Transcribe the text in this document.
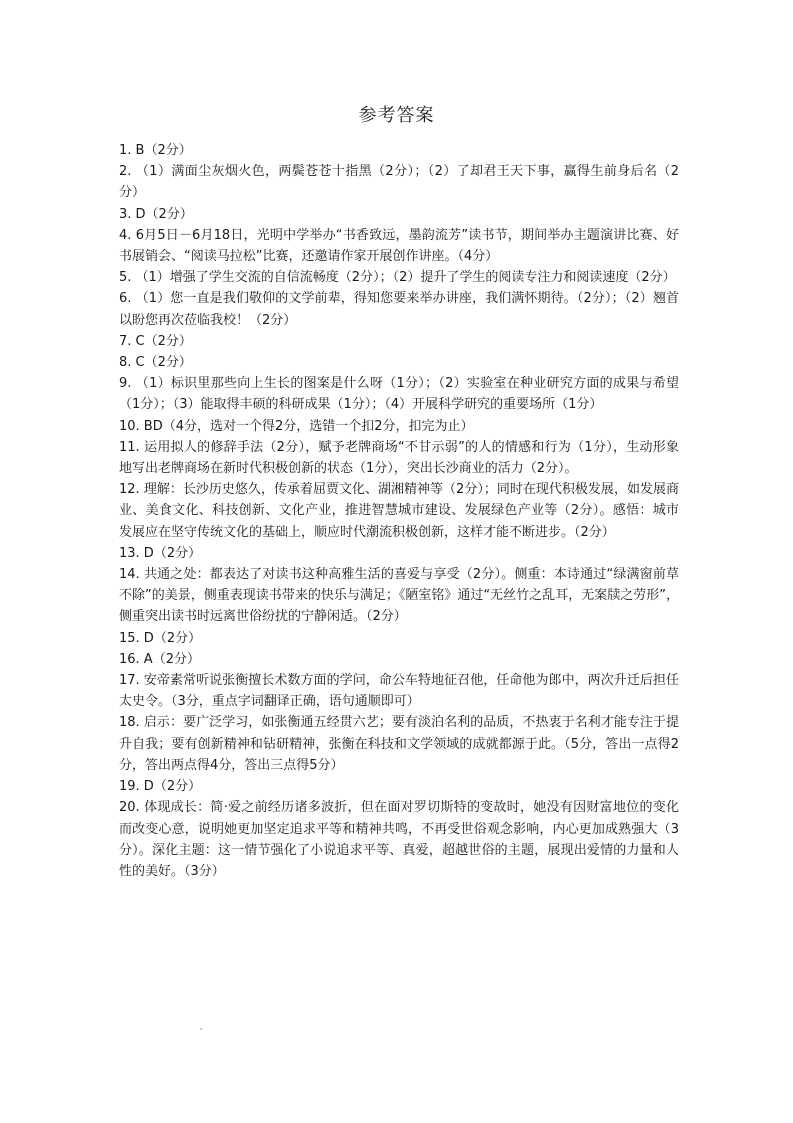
参考答案
1. B（2分）
2. （1）满面尘灰烟火色，两鬓苍苍十指黑（2分）；（2）了却君王天下事，赢得生前身后名（2分）
3. D（2分）
4. 6月5日－6月18日，光明中学举办“书香致远，墨韵流芳”读书节，期间举办主题演讲比赛、好书展销会、“阅读马拉松”比赛，还邀请作家开展创作讲座。（4分）
5. （1）增强了学生交流的自信流畅度（2分）；（2）提升了学生的阅读专注力和阅读速度（2分）
6. （1）您一直是我们敬仰的文学前辈，得知您要来举办讲座，我们满怀期待。（2分）；（2）翘首以盼您再次莅临我校！（2分）
7. C（2分）
8. C（2分）
9. （1）标识里那些向上生长的图案是什么呀（1分）；（2）实验室在种业研究方面的成果与希望（1分）；（3）能取得丰硕的科研成果（1分）；（4）开展科学研究的重要场所（1分）
10. BD（4分，选对一个得2分，选错一个扣2分，扣完为止）
11. 运用拟人的修辞手法（2分），赋予老牌商场“不甘示弱”的人的情感和行为（1分），生动形象地写出老牌商场在新时代积极创新的状态（1分），突出长沙商业的活力（2分）。
12. 理解：长沙历史悠久，传承着屈贾文化、湖湘精神等（2分）；同时在现代积极发展，如发展商业、美食文化、科技创新、文化产业，推进智慧城市建设、发展绿色产业等（2分）。感悟：城市发展应在坚守传统文化的基础上，顺应时代潮流积极创新，这样才能不断进步。（2分）
13. D（2分）
14. 共通之处：都表达了对读书这种高雅生活的喜爱与享受（2分）。侧重：本诗通过“绿满窗前草不除”的美景，侧重表现读书带来的快乐与满足；《陋室铭》通过“无丝竹之乱耳，无案牍之劳形”，侧重突出读书时远离世俗纷扰的宁静闲适。（2分）
15. D（2分）
16. A（2分）
17. 安帝素常听说张衡擅长术数方面的学问，命公车特地征召他，任命他为郎中，两次升迁后担任太史令。（3分，重点字词翻译正确，语句通顺即可）
18. 启示：要广泛学习，如张衡通五经贯六艺；要有淡泊名利的品质，不热衷于名利才能专注于提升自我；要有创新精神和钻研精神，张衡在科技和文学领域的成就都源于此。（5分，答出一点得2分，答出两点得4分，答出三点得5分）
19. D（2分）
20. 体现成长：简·爱之前经历诸多波折，但在面对罗切斯特的变故时，她没有因财富地位的变化而改变心意，说明她更加坚定追求平等和精神共鸣，不再受世俗观念影响，内心更加成熟强大（3分）。深化主题：这一情节强化了小说追求平等、真爱，超越世俗的主题，展现出爱情的力量和人性的美好。（3分）
